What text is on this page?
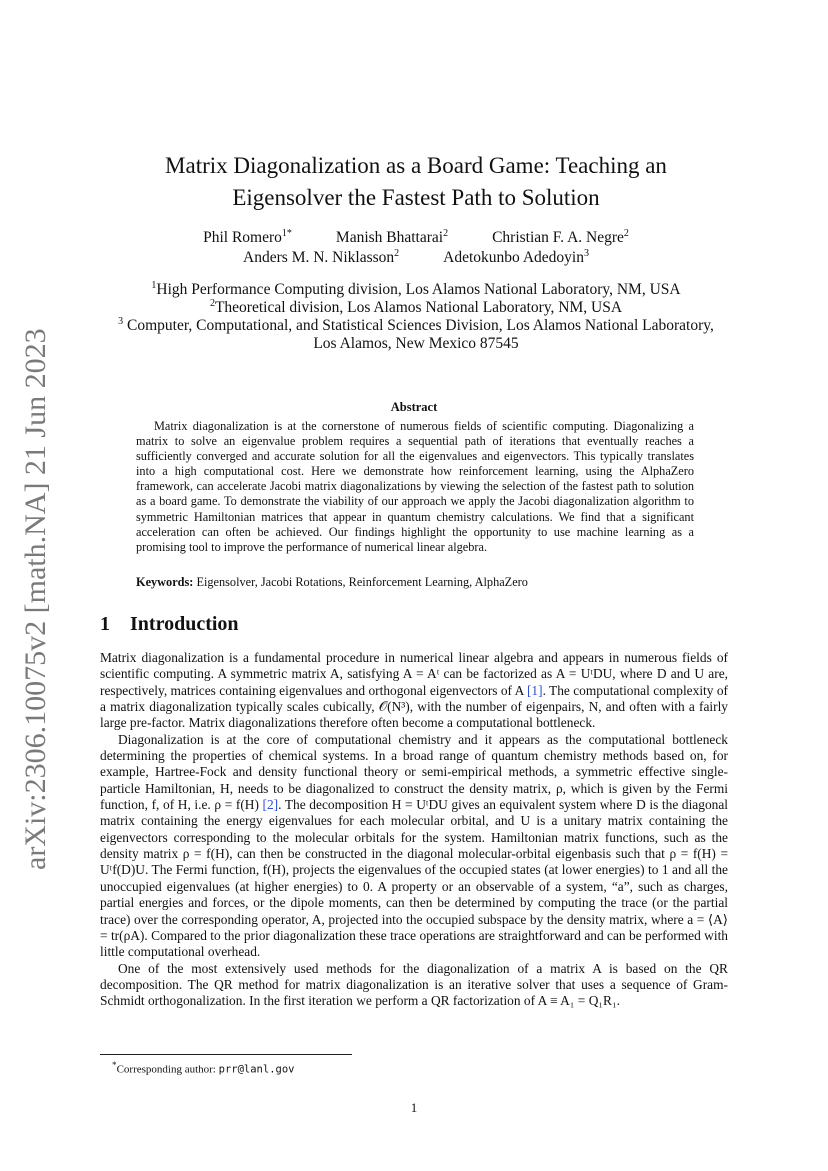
arXiv:2306.10075v2 [math.NA] 21 Jun 2023
Matrix Diagonalization as a Board Game: Teaching an Eigensolver the Fastest Path to Solution
Phil Romero$^{1*}$	Manish Bhattarai$^2$	Christian F. A. Negre$^2$
Anders M. N. Niklasson$^2$	Adetokunbo Adedoyin$^3$
$^1$High Performance Computing division, Los Alamos National Laboratory, NM, USA
$^2$Theoretical division, Los Alamos National Laboratory, NM, USA
$^3$ Computer, Computational, and Statistical Sciences Division, Los Alamos National Laboratory, Los Alamos, New Mexico 87545
Abstract
Matrix diagonalization is at the cornerstone of numerous fields of scientific computing. Diagonalizing a matrix to solve an eigenvalue problem requires a sequential path of iterations that eventually reaches a sufficiently converged and accurate solution for all the eigenvalues and eigenvectors. This typically translates into a high computational cost. Here we demonstrate how reinforcement learning, using the AlphaZero framework, can accelerate Jacobi matrix diagonalizations by viewing the selection of the fastest path to solution as a board game. To demonstrate the viability of our approach we apply the Jacobi diagonalization algorithm to symmetric Hamiltonian matrices that appear in quantum chemistry calculations. We find that a significant acceleration can often be achieved. Our findings highlight the opportunity to use machine learning as a promising tool to improve the performance of numerical linear algebra.
Keywords: Eigensolver, Jacobi Rotations, Reinforcement Learning, AlphaZero
1 Introduction

Matrix diagonalization is a fundamental procedure in numerical linear algebra and appears in numerous fields of scientific computing. A symmetric matrix A, satisfying A = Aᵗ can be factorized as A = UᵗDU, where D and U are, respectively, matrices containing eigenvalues and orthogonal eigenvectors of A [1]. The computational complexity of a matrix diagonalization typically scales cubically, 𝒪(N³), with the number of eigenpairs, N, and often with a fairly large pre-factor. Matrix diagonalizations therefore often become a computational bottleneck.

Diagonalization is at the core of computational chemistry and it appears as the computational bottleneck determining the properties of chemical systems. In a broad range of quantum chemistry methods based on, for example, Hartree-Fock and density functional theory or semi-empirical methods, a symmetric effective single-particle Hamiltonian, H, needs to be diagonalized to construct the density matrix, ρ, which is given by the Fermi function, f, of H, i.e. ρ = f(H) [2]. The decomposition H = UᵗDU gives an equivalent system where D is the diagonal matrix containing the energy eigenvalues for each molecular orbital, and U is a unitary matrix containing the eigenvectors corresponding to the molecular orbitals for the system. Hamiltonian matrix functions, such as the density matrix ρ = f(H), can then be constructed in the diagonal molecular-orbital eigenbasis such that ρ = f(H) = Uᵗf(D)U. The Fermi function, f(H), projects the eigenvalues of the occupied states (at lower energies) to 1 and all the unoccupied eigenvalues (at higher energies) to 0. A property or an observable of a system, “a”, such as charges, partial energies and forces, or the dipole moments, can then be determined by computing the trace (or the partial trace) over the corresponding operator, A, projected into the occupied subspace by the density matrix, where a = ⟨A⟩ = tr(ρA). Compared to the prior diagonalization these trace operations are straightforward and can be performed with little computational overhead.

One of the most extensively used methods for the diagonalization of a matrix A is based on the QR decomposition. The QR method for matrix diagonalization is an iterative solver that uses a sequence of Gram-Schmidt orthogonalization. In the first iteration we perform a QR factorization of A ≡ A₁ = Q₁R₁.

*Corresponding author: prr@lanl.gov
1
